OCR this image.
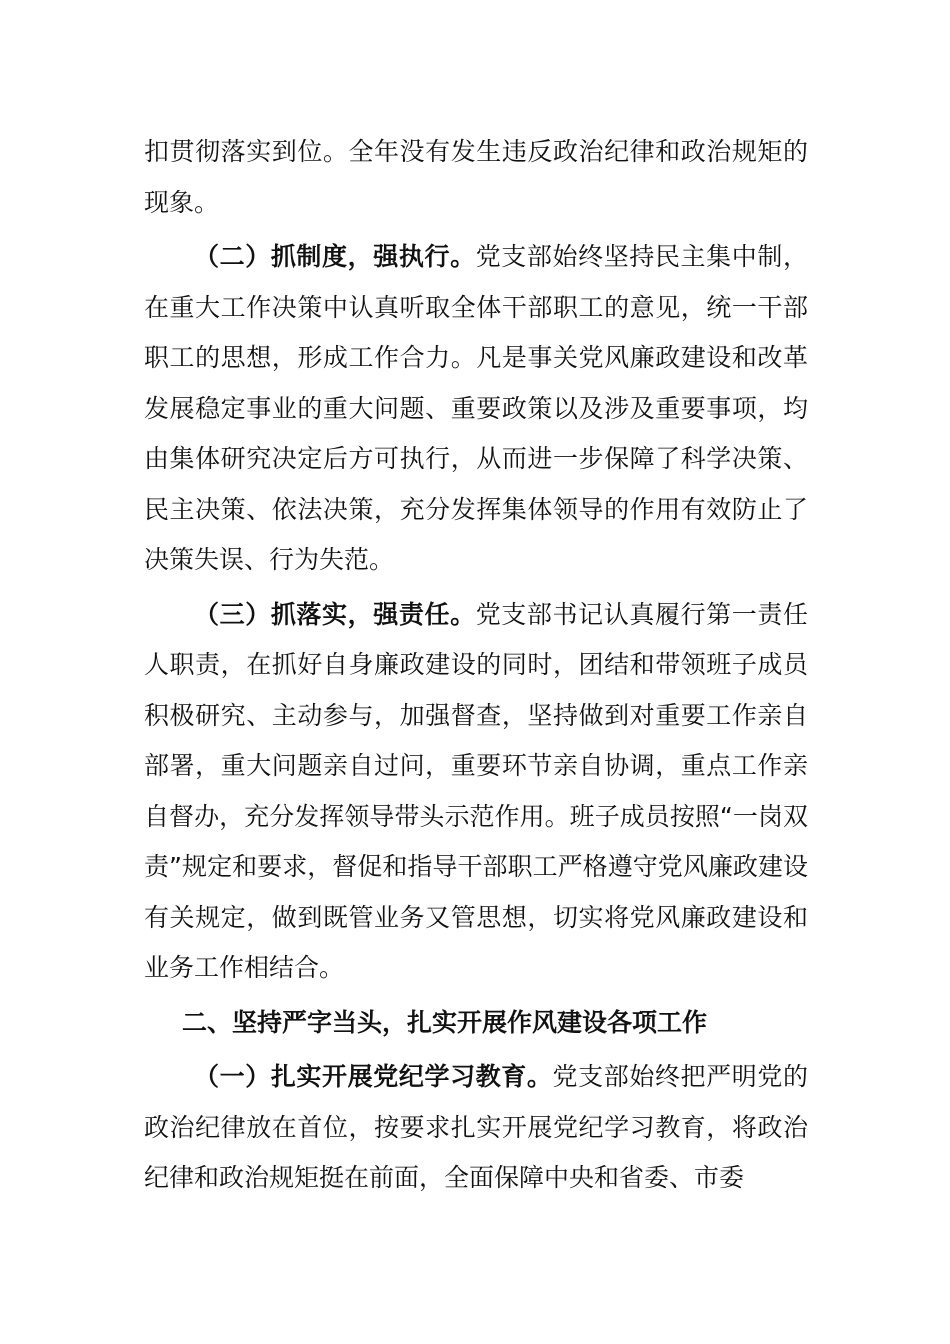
扣贯彻落实到位。全年没有发生违反政治纪律和政治规矩的现象。

（二）抓制度，强执行。党支部始终坚持民主集中制，在重大工作决策中认真听取全体干部职工的意见，统一干部职工的思想，形成工作合力。凡是事关党风廉政建设和改革发展稳定事业的重大问题、重要政策以及涉及重要事项，均由集体研究决定后方可执行，从而进一步保障了科学决策、民主决策、依法决策，充分发挥集体领导的作用有效防止了决策失误、行为失范。

（三）抓落实，强责任。党支部书记认真履行第一责任人职责，在抓好自身廉政建设的同时，团结和带领班子成员积极研究、主动参与，加强督查，坚持做到对重要工作亲自部署，重大问题亲自过问，重要环节亲自协调，重点工作亲自督办，充分发挥领导带头示范作用。班子成员按照“一岗双责”规定和要求，督促和指导干部职工严格遵守党风廉政建设有关规定，做到既管业务又管思想，切实将党风廉政建设和业务工作相结合。

二、坚持严字当头，扎实开展作风建设各项工作

（一）扎实开展党纪学习教育。党支部始终把严明党的政治纪律放在首位，按要求扎实开展党纪学习教育，将政治纪律和政治规矩挺在前面，全面保障中央和省委、市委
